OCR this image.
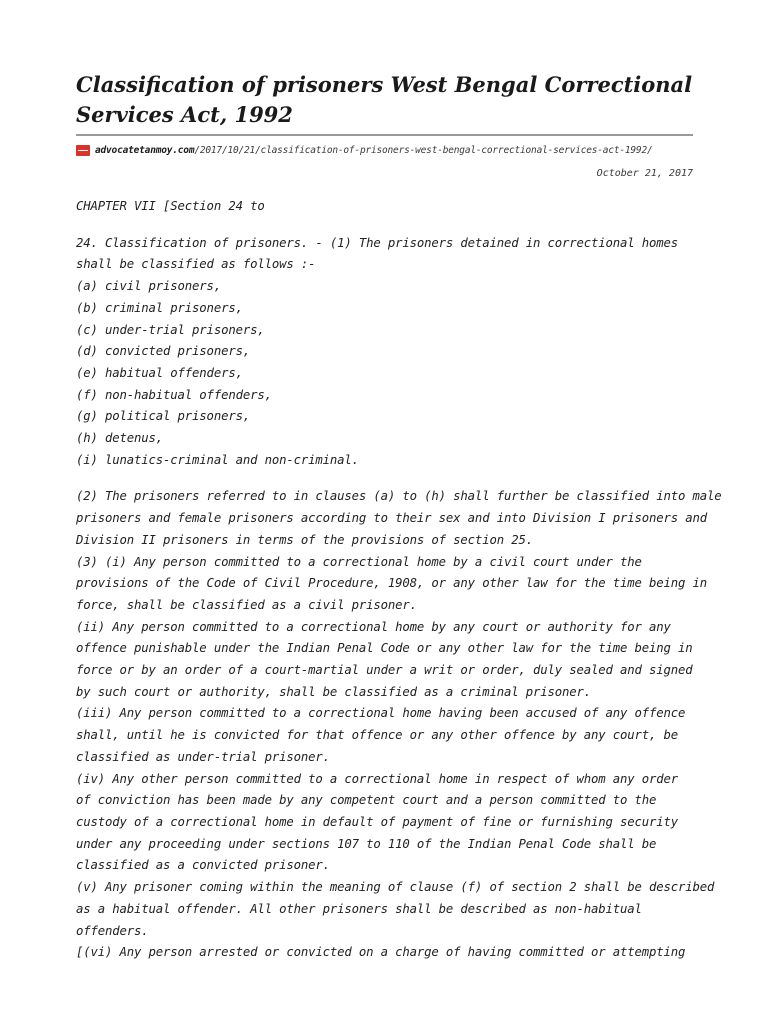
Classification of prisoners West Bengal Correctional Services Act, 1992
advocatetanmoy.com/2017/10/21/classification-of-prisoners-west-bengal-correctional-services-act-1992/
October 21, 2017

CHAPTER VII [Section 24 to

24. Classification of prisoners. - (1) The prisoners detained in correctional homes
shall be classified as follows :-
(a) civil prisoners,
(b) criminal prisoners,
(c) under-trial prisoners,
(d) convicted prisoners,
(e) habitual offenders,
(f) non-habitual offenders,
(g) political prisoners,
(h) detenus,
(i) lunatics-criminal and non-criminal.

(2) The prisoners referred to in clauses (a) to (h) shall further be classified into male
prisoners and female prisoners according to their sex and into Division I prisoners and
Division II prisoners in terms of the provisions of section 25.
(3) (i) Any person committed to a correctional home by a civil court under the
provisions of the Code of Civil Procedure, 1908, or any other law for the time being in
force, shall be classified as a civil prisoner.
(ii) Any person committed to a correctional home by any court or authority for any
offence punishable under the Indian Penal Code or any other law for the time being in
force or by an order of a court-martial under a writ or order, duly sealed and signed
by such court or authority, shall be classified as a criminal prisoner.
(iii) Any person committed to a correctional home having been accused of any offence
shall, until he is convicted for that offence or any other offence by any court, be
classified as under-trial prisoner.
(iv) Any other person committed to a correctional home in respect of whom any order
of conviction has been made by any competent court and a person committed to the
custody of a correctional home in default of payment of fine or furnishing security
under any proceeding under sections 107 to 110 of the Indian Penal Code shall be
classified as a convicted prisoner.
(v) Any prisoner coming within the meaning of clause (f) of section 2 shall be described
as a habitual offender. All other prisoners shall be described as non-habitual
offenders.
[(vi) Any person arrested or convicted on a charge of having committed or attempting
